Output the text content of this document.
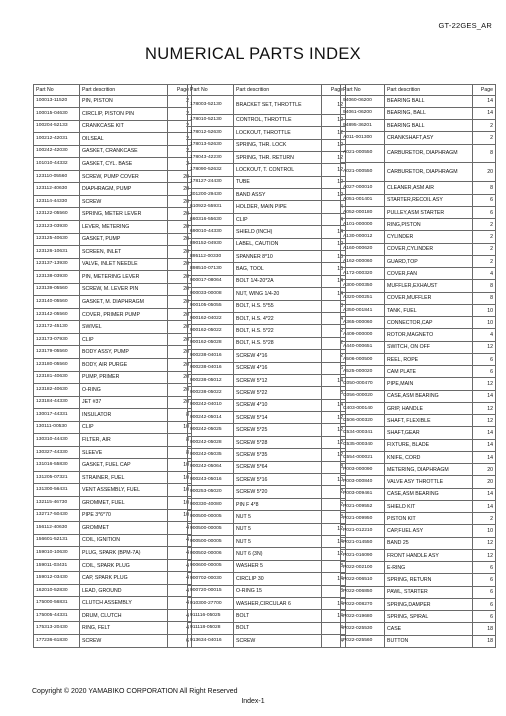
GT-22GES_AR
NUMERICAL PARTS INDEX
Part No	Part descrition	Page
100013-11520	PIN, PISTON	2
100015-04630	CIRCLIP, PISTON PIN	2
100204-52133	CRANKCASE KIT	2
100212-42031	OILSEAL	2
100242-42030	GASKET, CRANKCASE	2
101010-44332	GASKET, CYL. BASE	2
123110-05560	SCREW, PUMP COVER	20
123112-40630	DIAPHRAGM, PUMP	20
123114-44330	SCREW	20
123122-05560	SPRING, METER LEVER	20
123123-03930	LEVER, METERING	20
123125-40630	GASKET, PUMP	20
123126-10631	SCREEN, INLET	20
123137-13930	VALVE, INLET NEEDLE	20
123138-03930	PIN, METERING LEVER	20
123139-05560	SCREW, M. LEVER PIN	20
123140-05560	GASKET, M. DIAPHRAGM	20
123142-05560	COVER, PRIMER PUMP	20
123172-45130	SWIVEL	20
123173-07930	CLIP	20
123179-05560	BODY ASSY, PUMP	20
123180-05560	BODY, AIR PURGE	20
123181-40630	PUMP, PRIMER	20
123182-40630	O-RING	20
123184-44330	JET #37	20
130017-44331	INSULATOR	8
130111-00530	CLIP	10
130310-44430	FILTER, AIR	8
130327-44330	SLEEVE	8
131016-55830	GASKET, FUEL CAP	10
131205-07321	STRAINER, FUEL	10
131300-56431	VENT ASSEMBLY, FUEL	10
132115-46730	GROMMET, FUEL	10
132717-50430	PIPE 3*6*70	10
156112-40630	GROMMET	4
156601-52131	COIL, IGNITION	4
159010-10630	PLUG, SPARK (BPM-7A)	4
159011-03431	COIL, SPARK PLUG	4
159012-03430	CAP, SPARK PLUG	4
162010-52830	LEAD, GROUND	4
175000-56831	CLUTCH ASSEMBLY	4
175005-44331	DRUM, CLUTCH	4
175313-20430	RING, FELT	4
177236-61830	SCREW	6
Part No	Part descrition	Page
178003-52130	BRACKET SET, THROTTLE	12
178010-52130	CONTROL, THROTTLE	12
178012-52630	LOCKOUT, THROTTLE	12
178013-52630	SPRING, THR. LOCK	12
178043-42230	SPRING, THR. RETURN	12
178090-52632	LOCKOUT, T. CONTROL	12
178127-24430	TUBE	12
301200-29430	BAND ASSY	12
610922-55931	HOLDER, MAIN PIPE	4
660316-55630	CLIP	4
690010-44330	SHIELD (INCH)	14
890152-04930	LABEL, CAUTION	12
895112-00330	SPANNER 8*10	16
898510-07130	BAG, TOOL	16
900017-08064	BOLT 1/4-20*2A	14
900033-00008	NUT, WING 1/4-20	14
900105-05055	BOLT, H.S. 5*55	8
900162-04022	BOLT, H.S. 4*22	4
900162-05022	BOLT, H.S. 5*22	2
900162-05028	BOLT, H.S. 5*28	2
900238-04016	SCREW 4*16	2
900238-04016	SCREW 4*16	6
900238-05012	SCREW 5*12	14
900238-05022	SCREW 5*22	8
900242-04010	SCREW 4*10	14
900242-05014	SCREW 5*14	12
900242-05025	SCREW 5*25	12
900242-05028	SCREW 5*28	12
900242-05035	SCREW 5*35	12
900242-05064	SCREW 5*64	8
900243-05016	SCREW 5*16	10
900253-05020	SCREW 5*20	2
900330-40080	PIN F 4*8	2
900500-00005	NUT 5	8
900500-00005	NUT 5	12
900500-00005	NUT 5	14
900502-00006	NUT 6 (3N)	12
900600-00005	WASHER 5	8
900702-00030	CIRCLIP 30	14
900720-00015	O-RING 15	8
910300-27700	WASHER,CIRCULAR 6	14
911116-05025	BOLT	14
911118-05028	BOLT	4
913634-04016	SCREW	4
Part No	Part descrition	Page
94060-06200	BEARING BALL	14
94061-06200	BEARING, BALL	14
94895-36201	BEARING BALL	2
A011-001300	CRANKSHAFT,ASY	2
A021-000550	CARBURETOR, DIAPHRAGM	8
A021-000550	CARBURETOR, DIAPHRAGM	20
A027-000010	CLEANER,ASM AIR	8
A051-001401	STARTER,RECOIL ASY	6
A052-000180	PULLEY,ASM STARTER	6
A101-000000	RING,PISTON	2
A130-000012	CYLINDER	2
A160-000620	COVER,CYLINDER	2
A162-000060	GUARD,TOP	2
A172-000320	COVER,FAN	4
A300-000350	MUFFLER,EXHAUST	8
A320-000251	COVER,MUFFLER	8
A350-001841	TANK, FUEL	10
A365-000060	CONNECTOR,CAP	10
A409-000000	ROTOR,MAGNETO	4
A440-000651	SWITCH, ON OFF	12
A506-000500	REEL, ROPE	6
A525-000020	CAM PLATE	6
C050-000470	PIPE,MAIN	12
C056-000020	CASE,ASM BEARING	14
C403-000140	GRIP, HANDLE	12
C506-000320	SHAFT, FLEXIBLE	12
C534-000341	SHAFT,GEAR	14
C535-000340	FIXTURE, BLADE	14
C554-000021	KNIFE, CORD	14
P003-000090	METERING, DIAPHRAGM	20
P003-000840	VALVE ASY THROTTLE	20
P003-009461	CASE,ASM BEARING	14
P021-009552	SHIELD KIT	14
P021-009950	PISTON KIT	2
P021-012210	CAP,FUEL ASY	10
P021-014550	BAND 25	12
P021-016090	FRONT HANDLE ASY	12
P022-002100	E-RING	6
P022-006510	SPRING, RETURN	6
P022-006850	PAWL, STARTER	6
P022-008270	SPRING,DAMPER	6
P022-019680	SPRING, SPIRAL	6
P022-025530	CASE	18
P022-025560	BUTTON	18
Copyright © 2020 YAMABIKO CORPORATION All Right Reserved
Index-1
